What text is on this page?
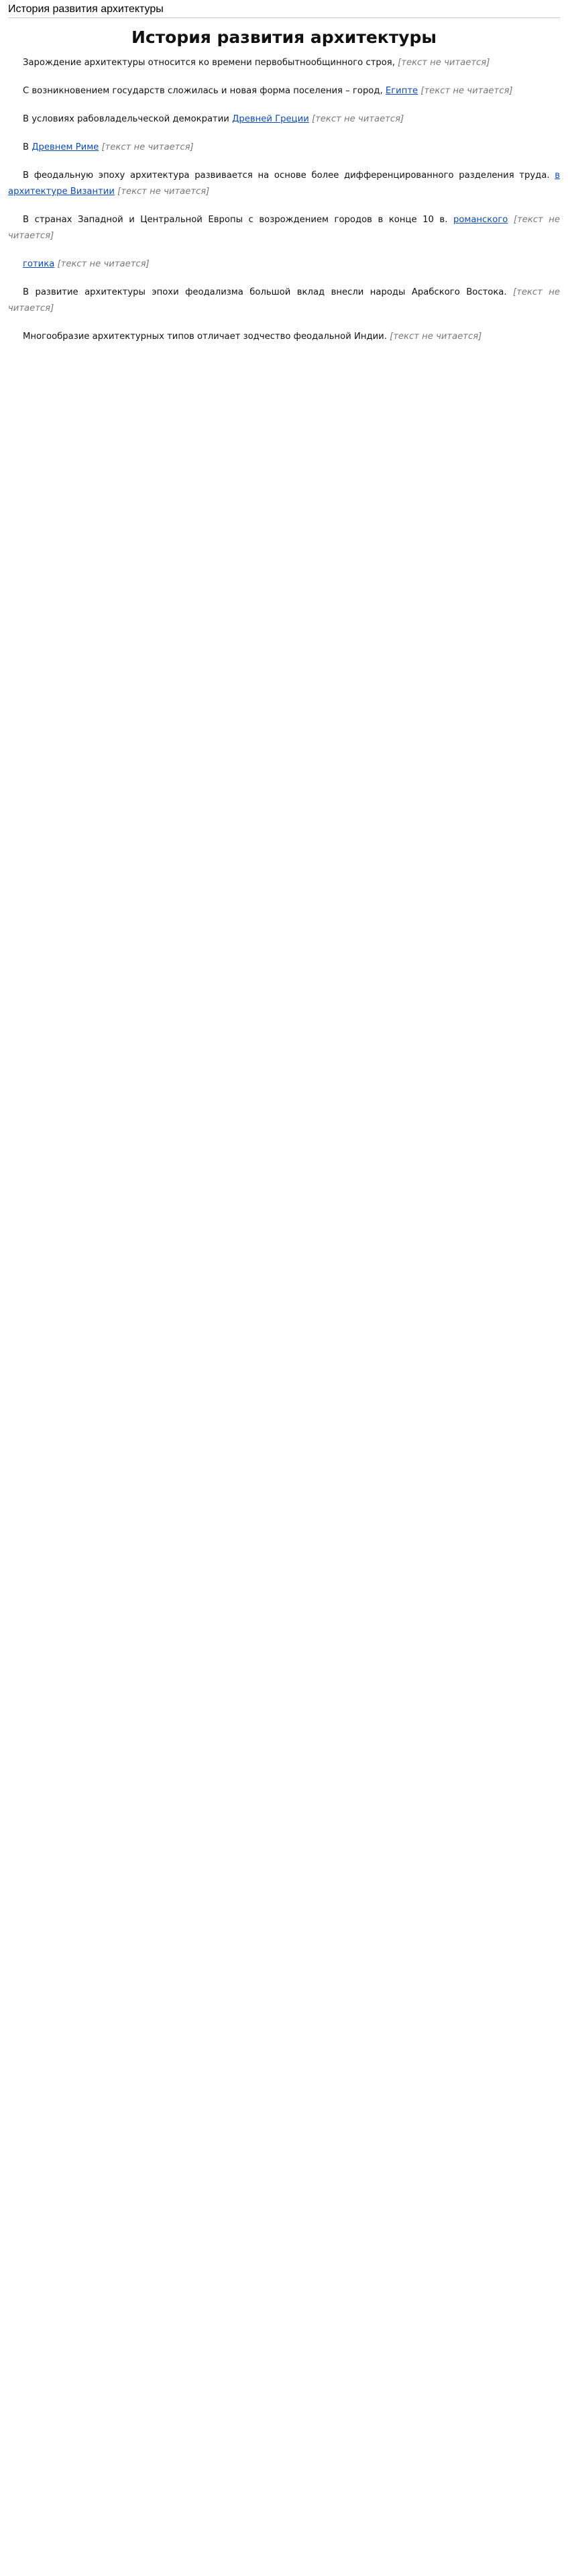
История развития архитектуры
История развития архитектуры

Зарождение архитектуры относится ко времени первобытнообщинного строя, [текст не читается]

С возникновением государств сложилась и новая форма поселения – город, Египте [текст не читается]

В условиях рабовладельческой демократии Древней Греции [текст не читается]

В Древнем Риме [текст не читается]

В феодальную эпоху архитектура развивается на основе более дифференцированного разделения труда. в архитектуре Византии [текст не читается]

В странах Западной и Центральной Европы с возрождением городов в конце 10 в. романского [текст не читается]

готика [текст не читается]

В развитие архитектуры эпохи феодализма большой вклад внесли народы Арабского Востока. [текст не читается]

Многообразие архитектурных типов отличает зодчество феодальной Индии. [текст не читается]
